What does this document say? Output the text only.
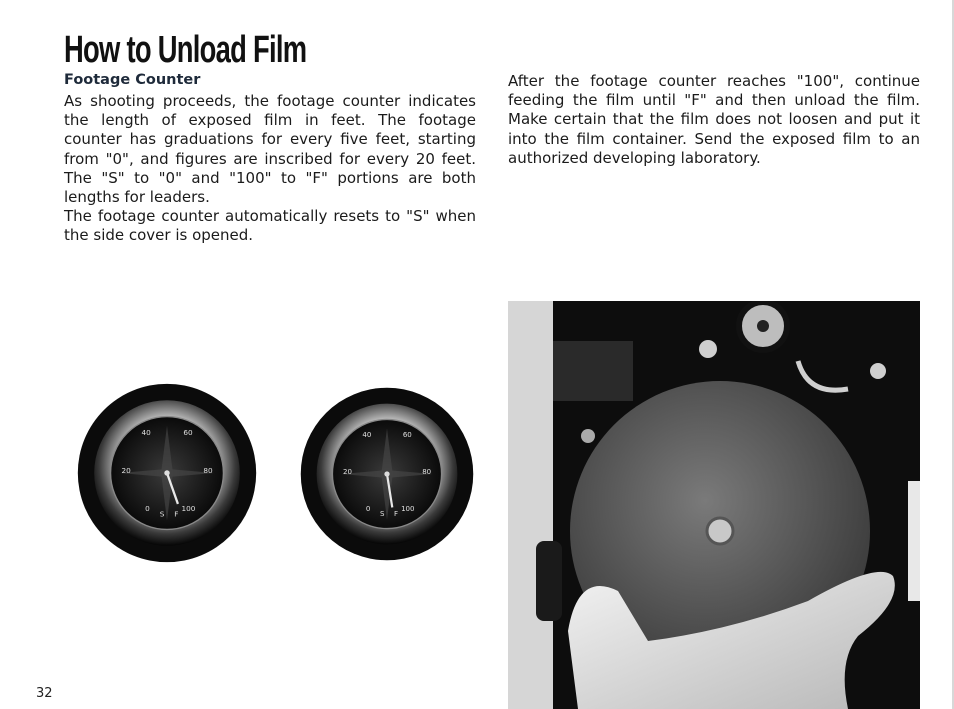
How to Unload Film
Footage Counter
As shooting proceeds, the footage counter indicates the length of exposed film in feet. The footage counter has graduations for every five feet, starting from "0", and figures are inscribed for every 20 feet. The "S" to "0" and "100" to "F" portions are both lengths for leaders.
The footage counter automatically resets to "S" when the side cover is opened.

After the footage counter reaches "100", continue feeding the film until "F" and then unload the film. Make certain that the film does not loosen and put it into the film container. Send the exposed film to an authorized developing laboratory.

40	60
20	80
0
S F
100
40	60
20	80
0
S F
100
32
